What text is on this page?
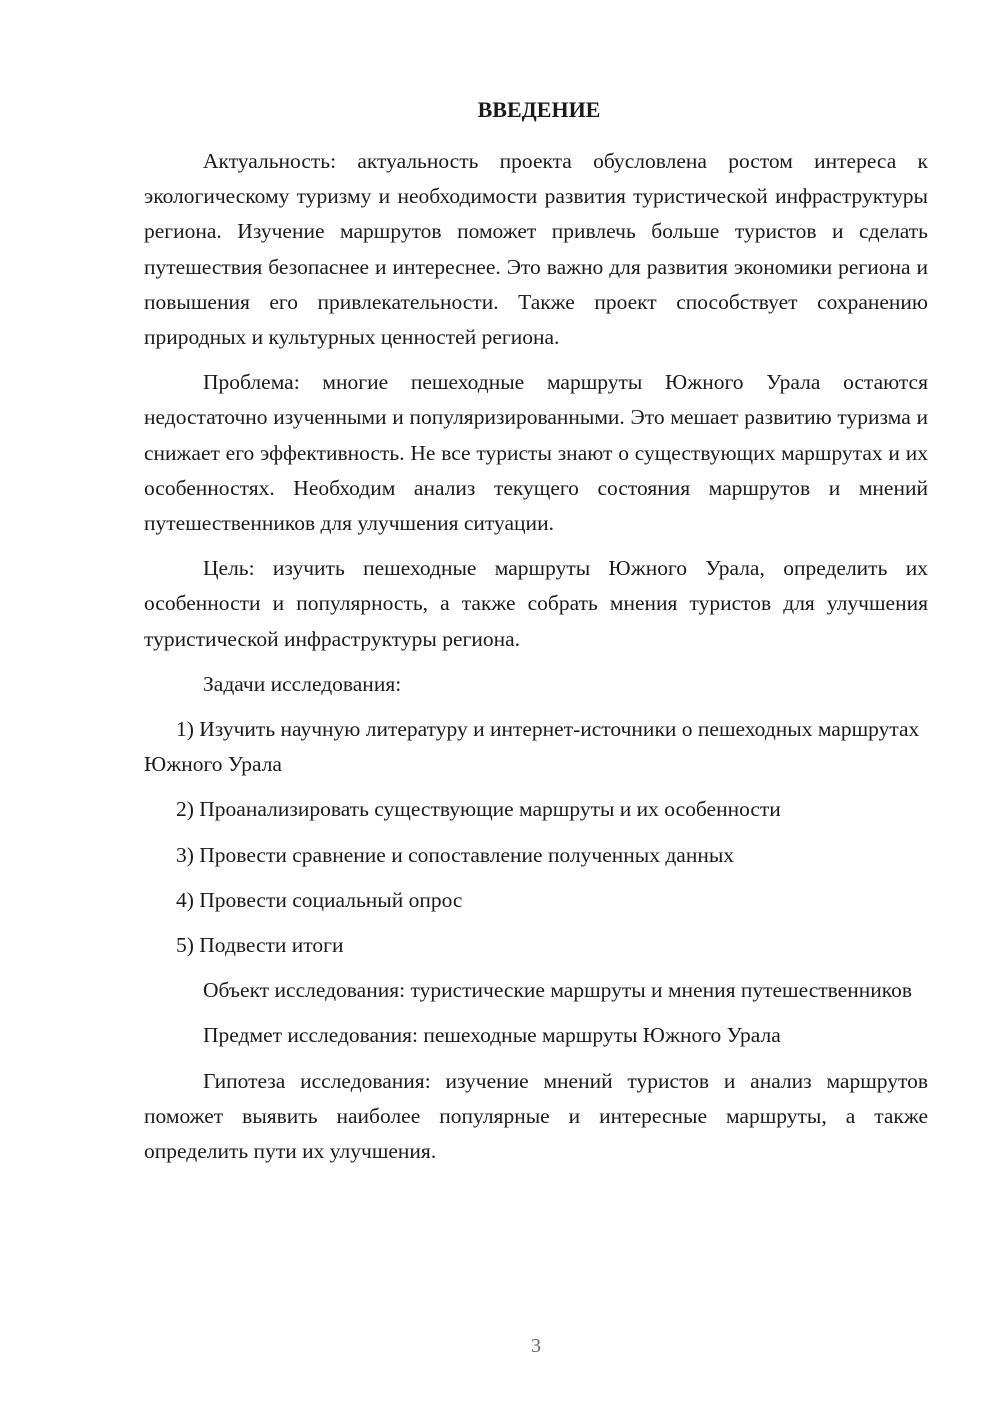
ВВЕДЕНИЕ

Актуальность: актуальность проекта обусловлена ростом интереса к экологическому туризму и необходимости развития туристической инфраструктуры региона. Изучение маршрутов поможет привлечь больше туристов и сделать путешествия безопаснее и интереснее. Это важно для развития экономики региона и повышения его привлекательности. Также проект способствует сохранению природных и культурных ценностей региона.

Проблема: многие пешеходные маршруты Южного Урала остаются недостаточно изученными и популяризированными. Это мешает развитию туризма и снижает его эффективность. Не все туристы знают о существующих маршрутах и их особенностях. Необходим анализ текущего состояния маршрутов и мнений путешественников для улучшения ситуации.

Цель: изучить пешеходные маршруты Южного Урала, определить их особенности и популярность, а также собрать мнения туристов для улучшения туристической инфраструктуры региона.

Задачи исследования:

1) Изучить научную литературу и интернет-источники о пешеходных маршрутах Южного Урала

2) Проанализировать существующие маршруты и их особенности

3) Провести сравнение и сопоставление полученных данных

4) Провести социальный опрос

5) Подвести итоги

Объект исследования: туристические маршруты и мнения путешественников

Предмет исследования: пешеходные маршруты Южного Урала

Гипотеза исследования: изучение мнений туристов и анализ маршрутов поможет выявить наиболее популярные и интересные маршруты, а также определить пути их улучшения.

3
